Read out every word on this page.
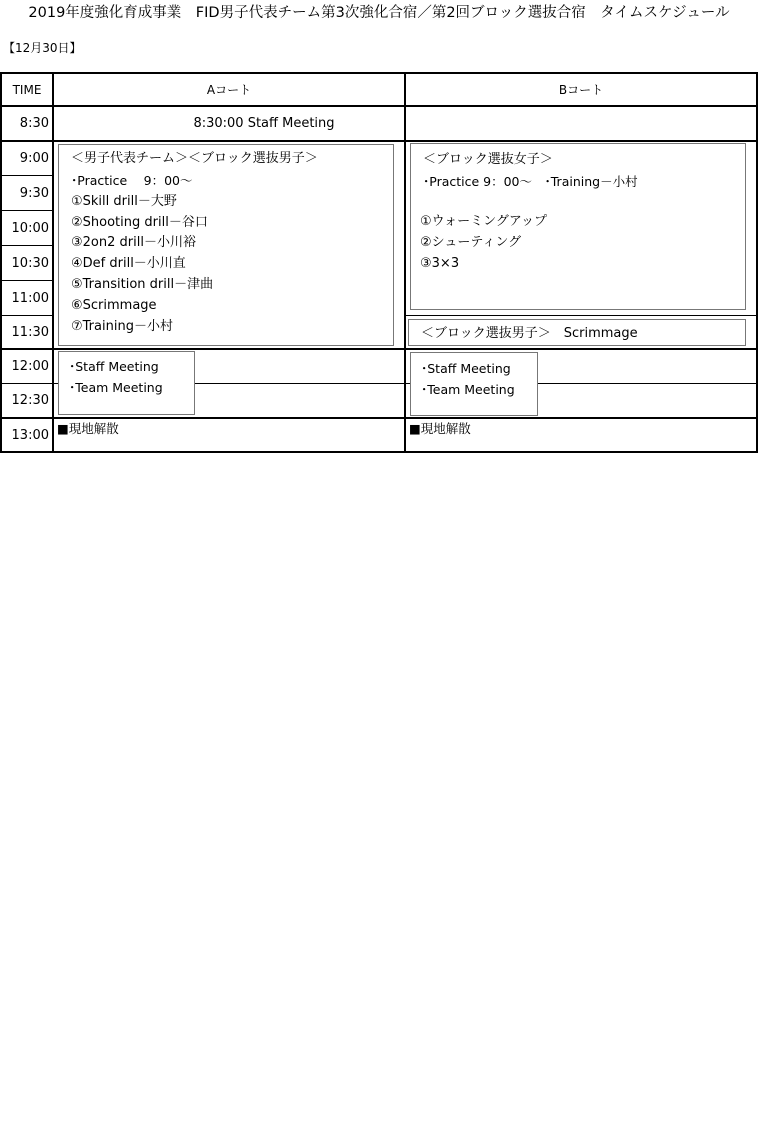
2019年度強化育成事業　FID男子代表チーム第3次強化合宿／第2回ブロック選抜合宿　タイムスケジュール
【12月30日】
TIME	Aコート	Bコート
8:30
9:00
9:30
10:00
10:30
11:00
11:30
12:00
12:30
13:00
8:30:00 Staff Meeting
＜男子代表チーム＞＜ブロック選抜男子＞
･Practice　 9：00～
①Skill drill－大野
②Shooting drill－谷口
③2on2 drill－小川裕
④Def drill－小川直
⑤Transition drill－津曲
⑥Scrimmage
⑦Training－小村
･Staff Meeting
･Team Meeting
■現地解散
＜ブロック選抜女子＞
･Practice 9：00～　･Training－小村
①ウォーミングアップ
②シューティング
③3×3
＜ブロック選抜男子＞　Scrimmage
･Staff Meeting
･Team Meeting
■現地解散
